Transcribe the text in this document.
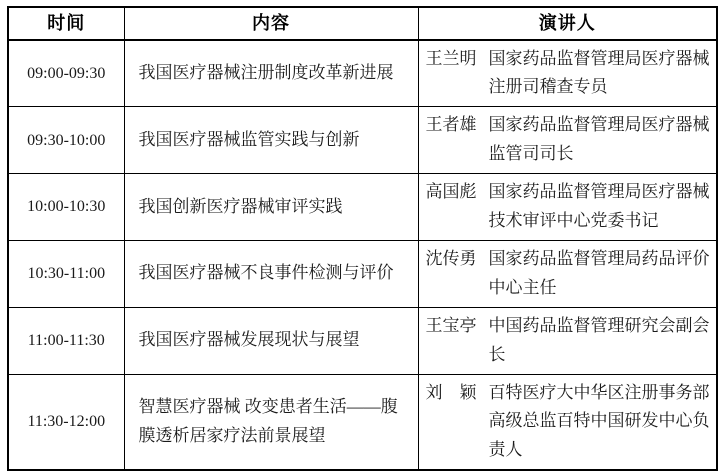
时间	内容	演讲人
09:00-09:30	我国医疗器械注册制度改革新进展	王兰明 国家药品监督管理局医疗器械注册司稽查专员
09:30-10:00	我国医疗器械监管实践与创新	王者雄 国家药品监督管理局医疗器械监管司司长
10:00-10:30	我国创新医疗器械审评实践	高国彪 国家药品监督管理局医疗器械技术审评中心党委书记
10:30-11:00	我国医疗器械不良事件检测与评价	沈传勇 国家药品监督管理局药品评价中心主任
11:00-11:30	我国医疗器械发展现状与展望	王宝亭 中国药品监督管理研究会副会长
11:30-12:00	智慧医疗器械 改变患者生活——腹膜透析居家疗法前景展望	刘　颖 百特医疗大中华区注册事务部高级总监百特中国研发中心负责人
